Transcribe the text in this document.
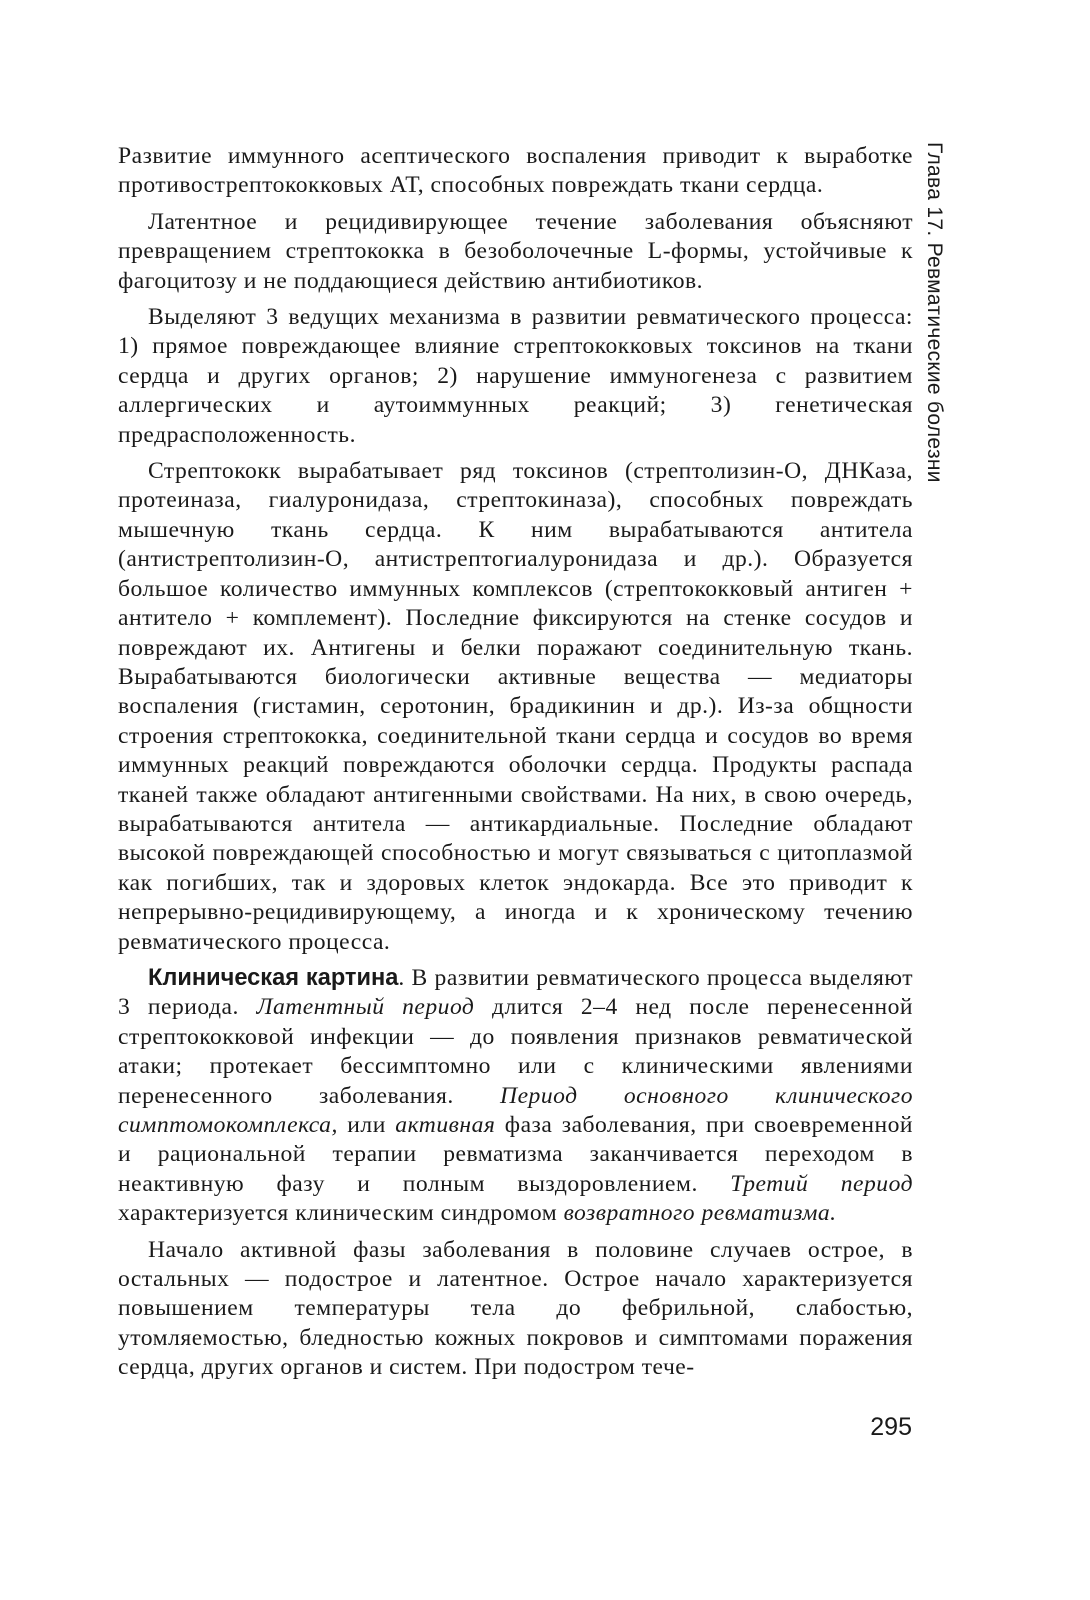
Глава 17. Ревматические болезни

Развитие иммунного асептического воспаления приводит к выработке противострептококковых АТ, способных повреждать ткани сердца.

Латентное и рецидивирующее течение заболевания объясняют превращением стрептококка в безоболочечные L-формы, устойчивые к фагоцитозу и не поддающиеся действию антибиотиков.

Выделяют 3 ведущих механизма в развитии ревматического процесса: 1) прямое повреждающее влияние стрептококковых токсинов на ткани сердца и других органов; 2) нарушение иммуногенеза с развитием аллергических и аутоиммунных реакций; 3) генетическая предрасположенность.

Стрептококк вырабатывает ряд токсинов (стрептолизин-О, ДНКаза, протеиназа, гиалуронидаза, стрептокиназа), способных повреждать мышечную ткань сердца. К ним вырабатываются антитела (антистрептолизин-О, антистрептогиалуронидаза и др.). Образуется большое количество иммунных комплексов (стрептококковый антиген + антитело + комплемент). Последние фиксируются на стенке сосудов и повреждают их. Антигены и белки поражают соединительную ткань. Вырабатываются биологически активные вещества — медиаторы воспаления (гистамин, серотонин, брадикинин и др.). Из-за общности строения стрептококка, соединительной ткани сердца и сосудов во время иммунных реакций повреждаются оболочки сердца. Продукты распада тканей также обладают антигенными свойствами. На них, в свою очередь, вырабатываются антитела — антикардиальные. Последние обладают высокой повреждающей способностью и могут связываться с цитоплазмой как погибших, так и здоровых клеток эндокарда. Все это приводит к непрерывно-рецидивирующему, а иногда и к хроническому течению ревматического процесса.

Клиническая картина. В развитии ревматического процесса выделяют 3 периода. Латентный период длится 2–4 нед после перенесенной стрептококковой инфекции — до появления признаков ревматической атаки; протекает бессимптомно или с клиническими явлениями перенесенного заболевания. Период основного клинического симптомокомплекса, или активная фаза заболевания, при своевременной и рациональной терапии ревматизма заканчивается переходом в неактивную фазу и полным выздоровлением. Третий период характеризуется клиническим синдромом возвратного ревматизма.

Начало активной фазы заболевания в половине случаев острое, в остальных — подострое и латентное. Острое начало характеризуется повышением температуры тела до фебрильной, слабостью, утомляемостью, бледностью кожных покровов и симптомами поражения сердца, других органов и систем. При подостром тече-

295
